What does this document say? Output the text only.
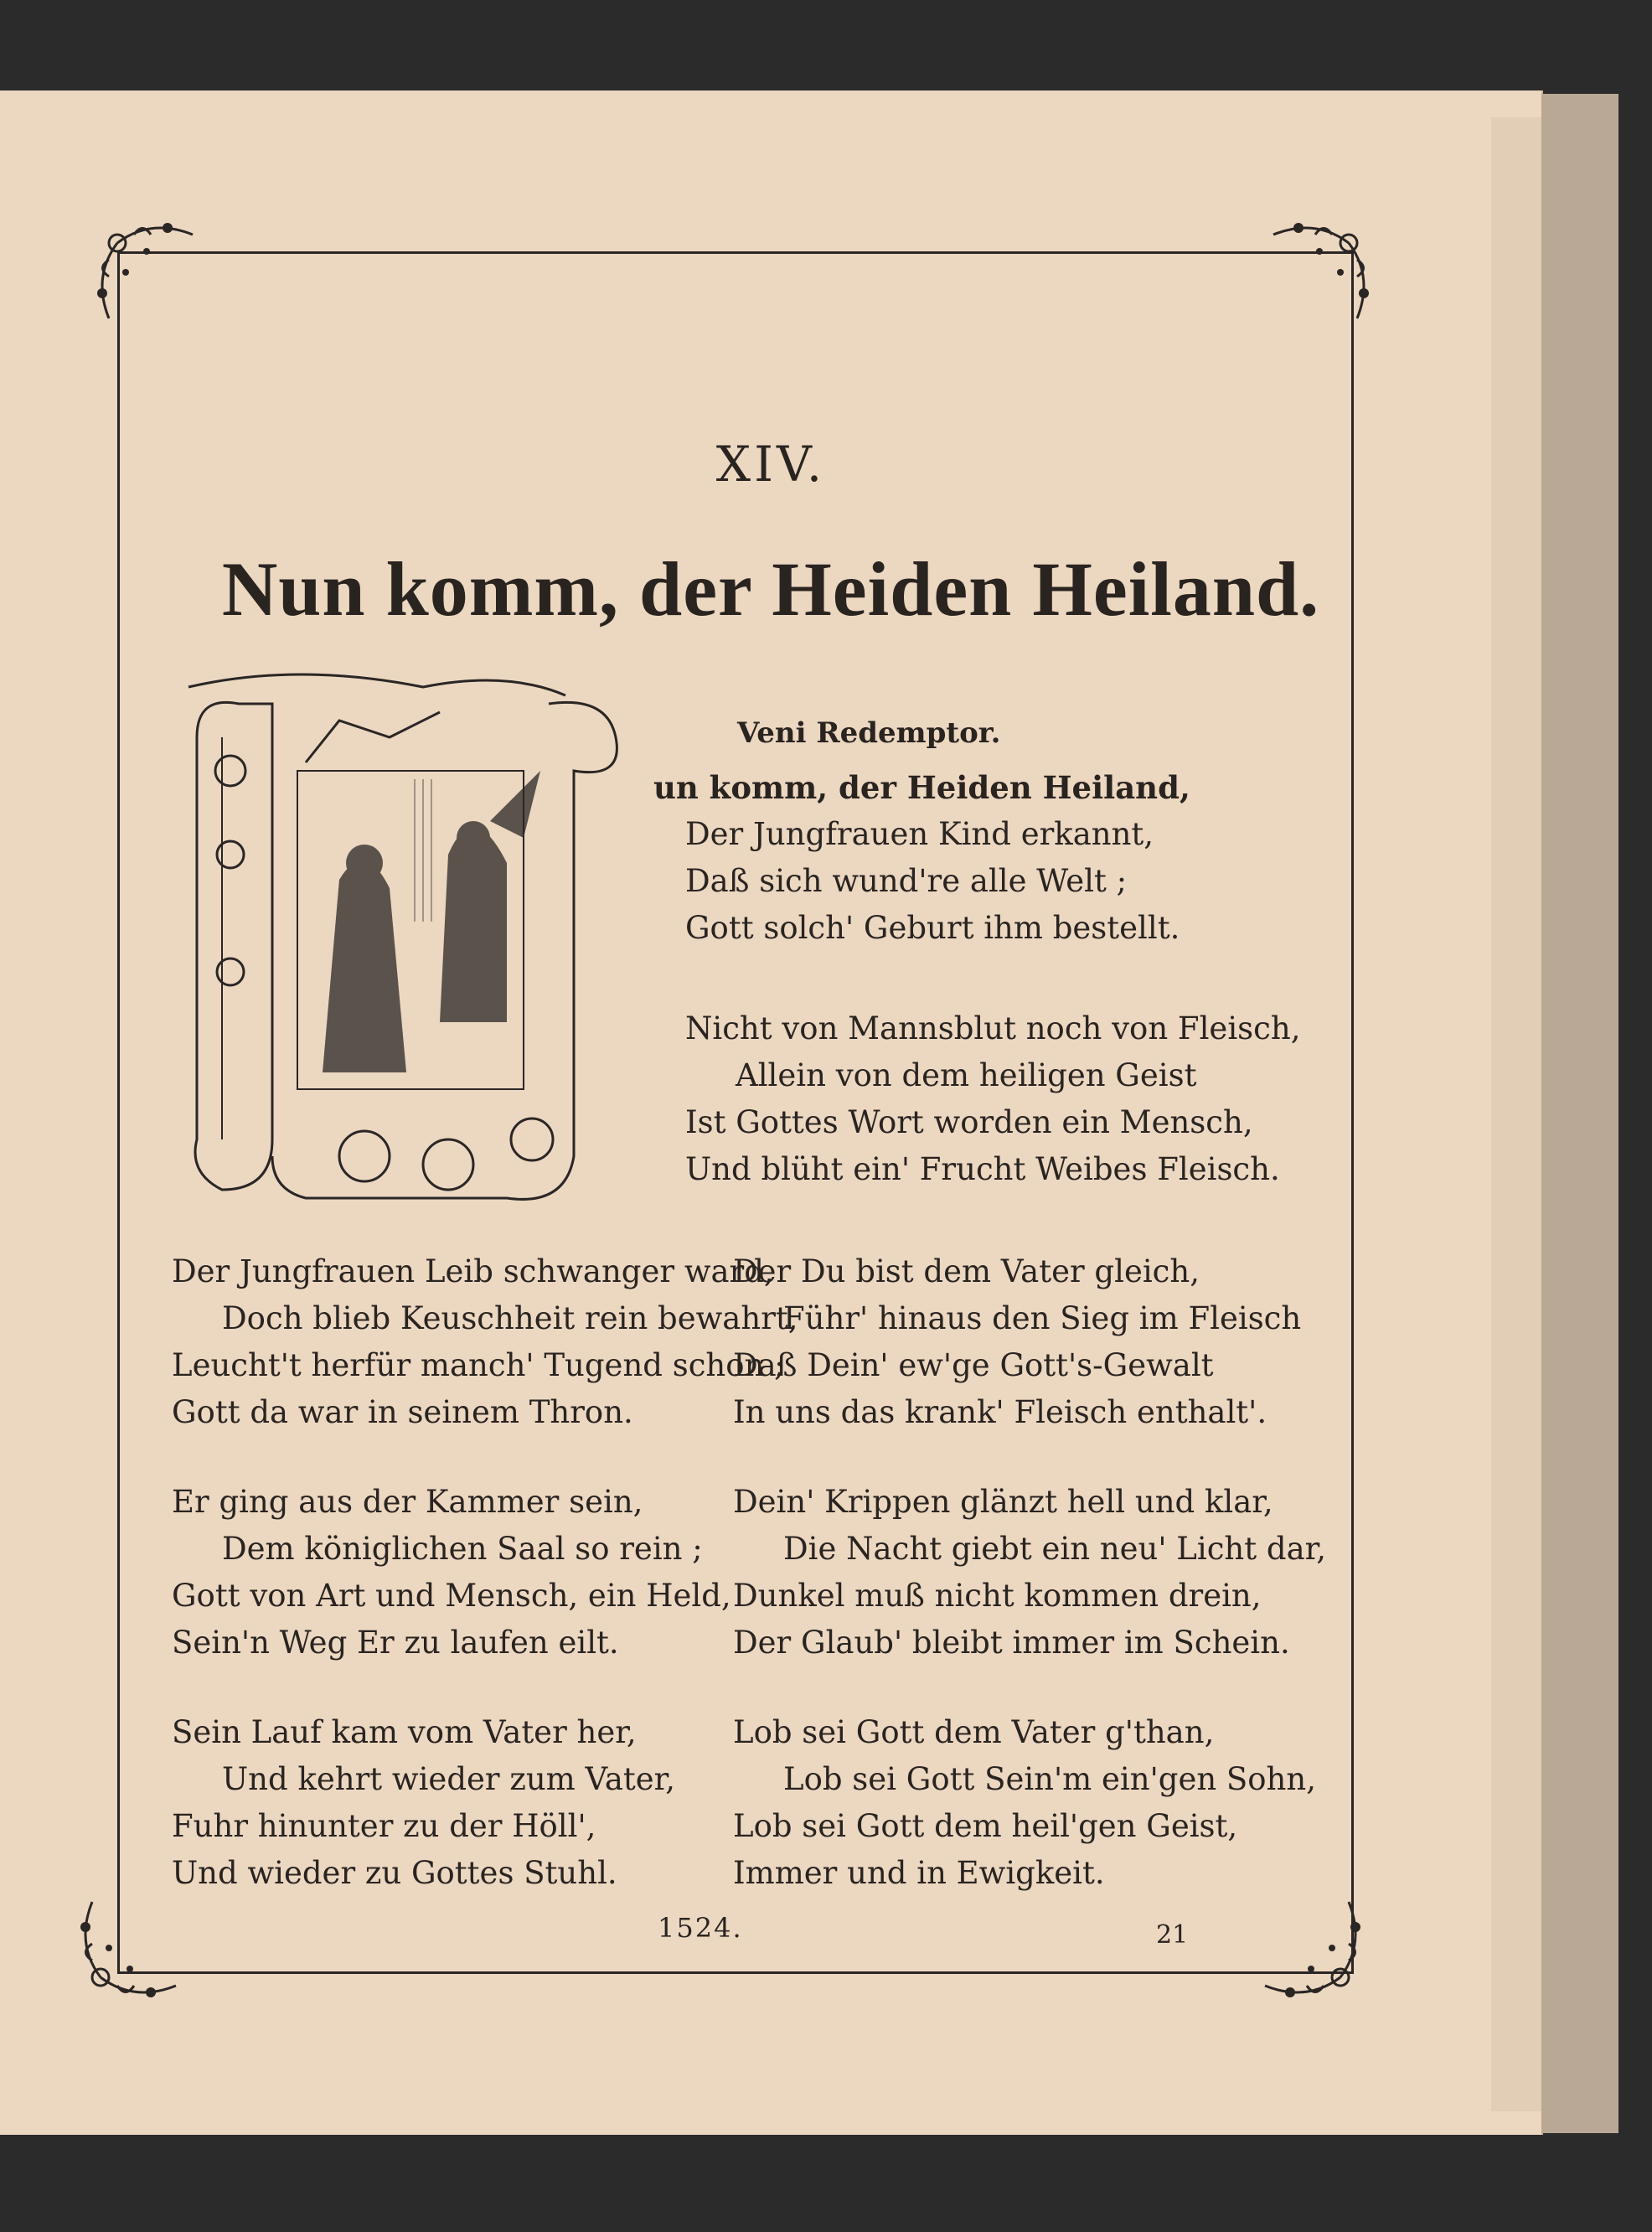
XIV.
Nun komm, der Heiden Heiland.
Veni Redemptor.
un komm, der Heiden Heiland,
Der Jungfrauen Kind erkannt,
Daß sich wund're alle Welt ;
Gott solch' Geburt ihm bestellt.
Nicht von Mannsblut noch von Fleisch,
Allein von dem heiligen Geist
Ist Gottes Wort worden ein Mensch,
Und blüht ein' Frucht Weibes Fleisch.
Der Jungfrauen Leib schwanger ward,
Doch blieb Keuschheit rein bewahrt,
Leucht't herfür manch' Tugend schon ;
Gott da war in seinem Thron.
Er ging aus der Kammer sein,
Dem königlichen Saal so rein ;
Gott von Art und Mensch, ein Held,
Sein'n Weg Er zu laufen eilt.
Sein Lauf kam vom Vater her,
Und kehrt wieder zum Vater,
Fuhr hinunter zu der Höll',
Und wieder zu Gottes Stuhl.
Der Du bist dem Vater gleich,
Führ' hinaus den Sieg im Fleisch
Daß Dein' ew'ge Gott's-Gewalt
In uns das krank' Fleisch enthalt'.
Dein' Krippen glänzt hell und klar,
Die Nacht giebt ein neu' Licht dar,
Dunkel muß nicht kommen drein,
Der Glaub' bleibt immer im Schein.
Lob sei Gott dem Vater g'than,
Lob sei Gott Sein'm ein'gen Sohn,
Lob sei Gott dem heil'gen Geist,
Immer und in Ewigkeit.
1524.	21
